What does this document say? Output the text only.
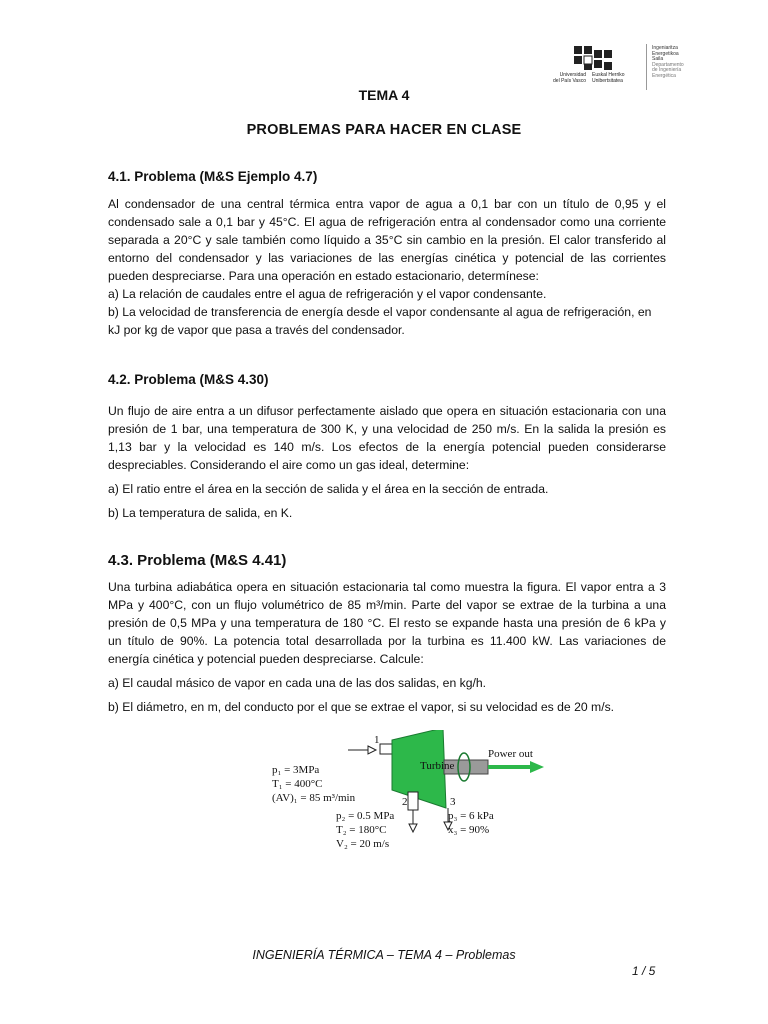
Universidad
del País Vasco
Euskal Herriko
Unibertsitatea
Ingeniaritza
Energetikoa
Saila
Departamento
de Ingeniería
Energética
TEMA 4
PROBLEMAS PARA HACER EN CLASE
4.1. Problema (M&S Ejemplo 4.7)
Al condensador de una central térmica entra vapor de agua a 0,1 bar con un título de 0,95 y el condensado sale a 0,1 bar y 45°C. El agua de refrigeración entra al condensador como una corriente separada a 20°C y sale también como líquido a 35°C sin cambio en la presión. El calor transferido al entorno del condensador y las variaciones de las energías cinética y potencial de las corrientes pueden despreciarse. Para una operación en estado estacionario, determínese:
a) La relación de caudales entre el agua de refrigeración y el vapor condensante.
b) La velocidad de transferencia de energía desde el vapor condensante al agua de refrigeración, en kJ por kg de vapor que pasa a través del condensador.
4.2. Problema (M&S 4.30)
Un flujo de aire entra a un difusor perfectamente aislado que opera en situación estacionaria con una presión de 1 bar, una temperatura de 300 K, y una velocidad de 250 m/s. En la salida la presión es 1,13 bar y la velocidad es 140 m/s. Los efectos de la energía potencial pueden considerarse despreciables. Considerando el aire como un gas ideal, determine:
a) El ratio entre el área en la sección de salida y el área en la sección de entrada.
b) La temperatura de salida, en K.
4.3. Problema (M&S 4.41)
Una turbina adiabática opera en situación estacionaria tal como muestra la figura. El vapor entra a 3 MPa y 400°C, con un flujo volumétrico de 85 m³/min. Parte del vapor se extrae de la turbina a una presión de 0,5 MPa y una temperatura de 180 °C. El resto se expande hasta una presión de 6 kPa y un título de 90%. La potencia total desarrollada por la turbina es 11.400 kW. Las variaciones de energía cinética y potencial pueden despreciarse. Calcule:
a) El caudal másico de vapor en cada una de las dos salidas, en kg/h.
b) El diámetro, en m, del conducto por el que se extrae el vapor, si su velocidad es de 20 m/s.
Turbine
Power out
1
2	3
p₁ = 3MPa
T₁ = 400°C
(AV)₁ = 85 m³/min
p₂ = 0.5 MPa
T₂ = 180°C
V₂ = 20 m/s
p₃ = 6 kPa
x₃ = 90%
INGENIERÍA TÉRMICA – TEMA 4 – Problemas
1 / 5
